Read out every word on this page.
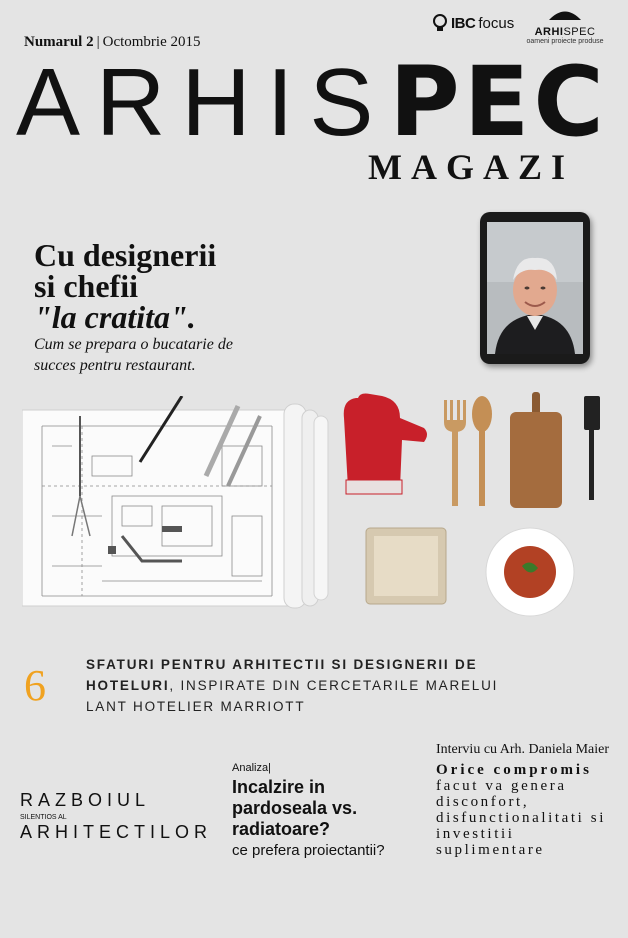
Numarul 2 | Octombrie 2015
IBC focus
ARHISPEC
oameni proiecte produse
ARHISPEC
MAGAZI
Cu designerii
si chefii
"la cratita".
Cum se prepara o bucatarie de succes pentru restaurant.
6	SFATURI PENTRU ARHITECTII SI DESIGNERII DE HOTELURI, INSPIRATE DIN CERCETARILE MARELUI LANT HOTELIER MARRIOTT
RAZBOIUL
SILENTIOS AL
ARHITECTILOR
Analiza|
Incalzire in pardoseala vs. radiatoare?
ce prefera proiectantii?
Interviu cu Arh. Daniela Maier
Orice compromis
facut va genera disconfort, disfunctionalitati si investitii suplimentare
